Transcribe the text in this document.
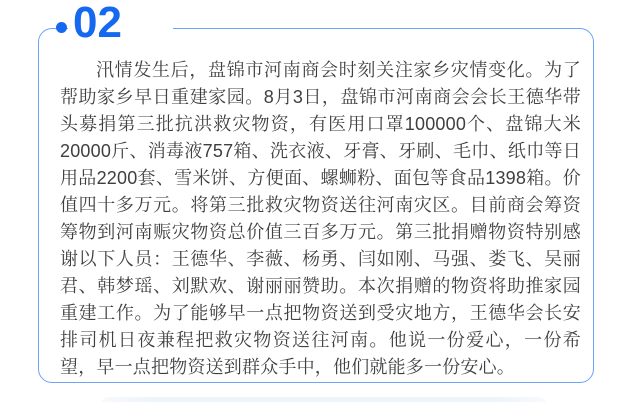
02

汛情发生后，盘锦市河南商会时刻关注家乡灾情变化。为了帮助家乡早日重建家园。8月3日，盘锦市河南商会会长王德华带头募捐第三批抗洪救灾物资，有医用口罩100000个、盘锦大米20000斤、消毒液757箱、洗衣液、牙膏、牙刷、毛巾、纸巾等日用品2200套、雪米饼、方便面、螺蛳粉、面包等食品1398箱。价值四十多万元。将第三批救灾物资送往河南灾区。目前商会筹资筹物到河南赈灾物资总价值三百多万元。第三批捐赠物资特别感谢以下人员：王德华、李薇、杨勇、闫如刚、马强、娄飞、吴丽君、韩梦瑶、刘默欢、谢丽丽赞助。本次捐赠的物资将助推家园重建工作。为了能够早一点把物资送到受灾地方，王德华会长安排司机日夜兼程把救灾物资送往河南。他说一份爱心，一份希望，早一点把物资送到群众手中，他们就能多一份安心。
